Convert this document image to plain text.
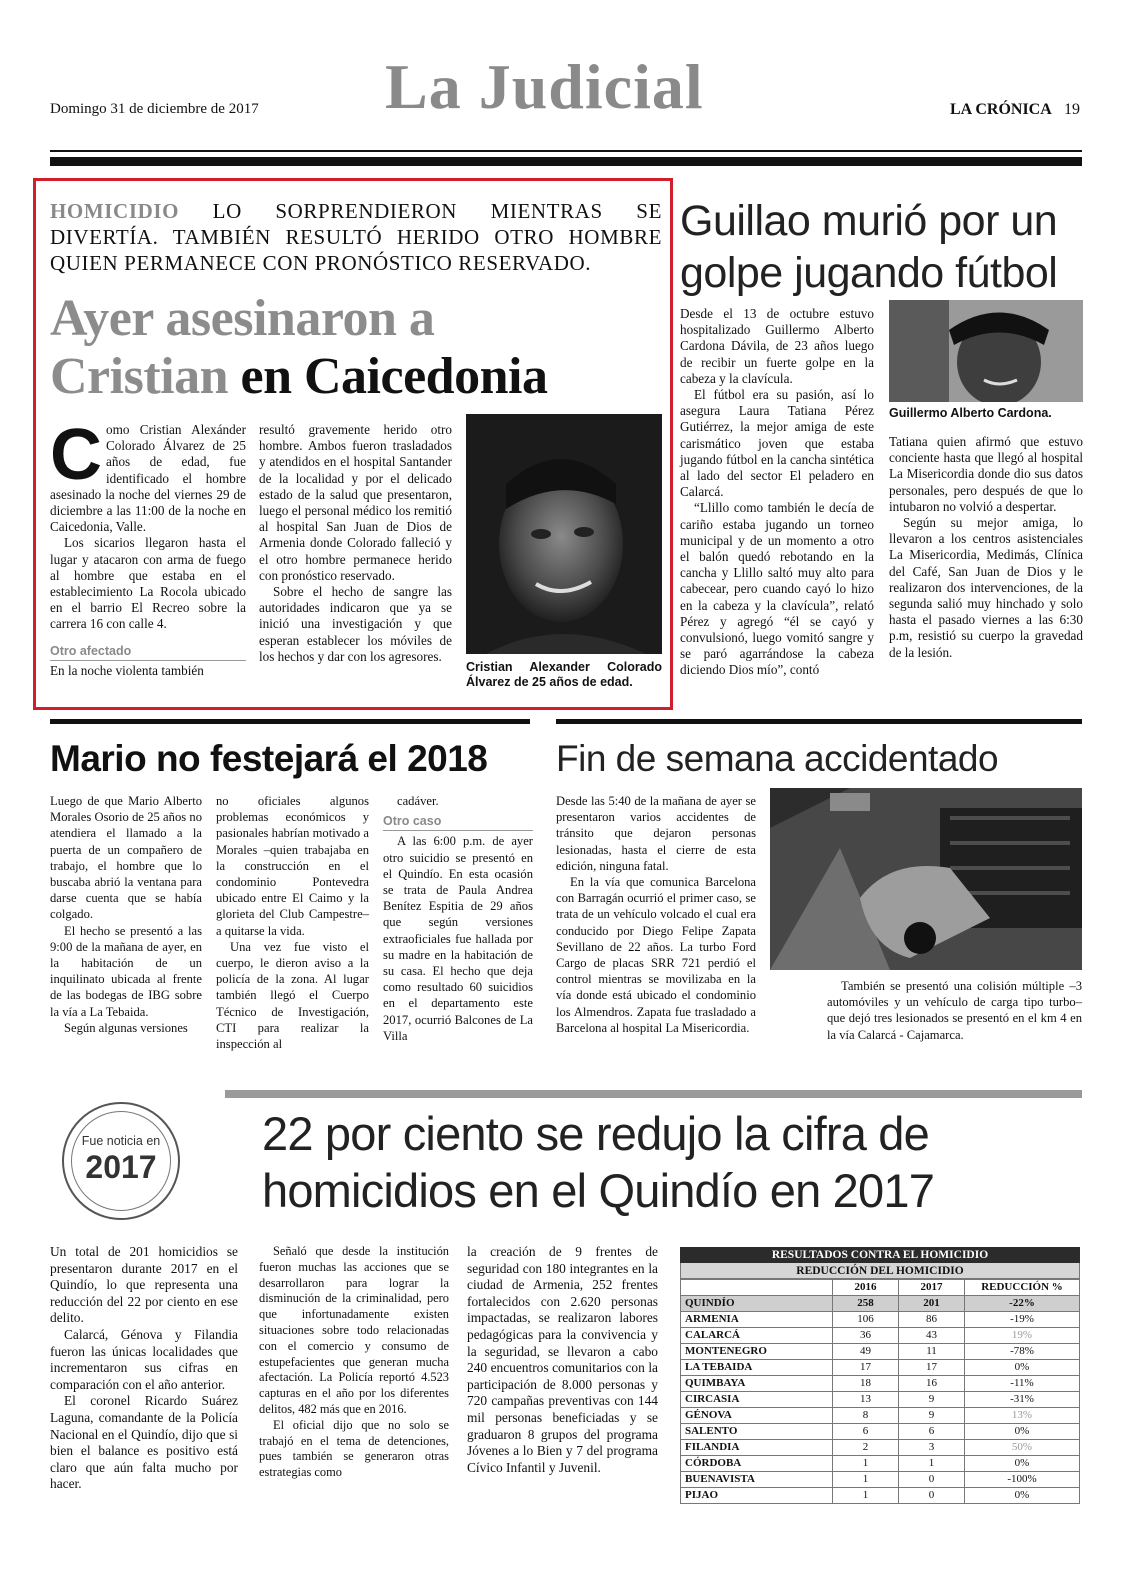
Domingo 31 de diciembre de 2017 La Judicial	LA CRÓNICA 19
HOMICIDIO LO SORPRENDIERON MIENTRAS SE DIVERTÍA. TAMBIÉN RESULTÓ HERIDO OTRO HOMBRE QUIEN PERMANECE CON PRONÓSTICO RESERVADO.
Ayer asesinaron a
Cristian en Caicedonia

C omo Cristian Alexánder Colorado Álvarez de 25 años de edad, fue identificado el hombre asesinado la noche del viernes 29 de diciembre a las 11:00 de la noche en Caicedonia, Valle.

Los sicarios llegaron hasta el lugar y atacaron con arma de fuego al hombre que estaba en el establecimiento La Rocola ubicado en el barrio El Recreo sobre la carrera 16 con calle 4.

Otro afectado

En la noche violenta también

resultó gravemente herido otro hombre. Ambos fueron trasladados y atendidos en el hospital Santander de la localidad y por el delicado estado de la salud que presentaron, luego el personal médico los remitió al hospital San Juan de Dios de Armenia donde Colorado falleció y el otro hombre permanece herido con pronóstico reservado.

Sobre el hecho de sangre las autoridades indicaron que ya se inició una investigación y que esperan establecer los móviles de los hechos y dar con los agresores.

Cristian Alexander Colorado Álvarez de 25 años de edad.
Guillao murió por un golpe jugando fútbol

Desde el 13 de octubre estuvo hospitalizado Guillermo Alberto Cardona Dávila, de 23 años luego de recibir un fuerte golpe en la cabeza y la clavícula.

El fútbol era su pasión, así lo asegura Laura Tatiana Pérez Gutiérrez, la mejor amiga de este carismático joven que estaba jugando fútbol en la cancha sintética al lado del sector El peladero en Calarcá.

“Llillo como también le decía de cariño estaba jugando un torneo municipal y de un momento a otro el balón quedó rebotando en la cancha y Llillo saltó muy alto para cabecear, pero cuando cayó lo hizo en la cabeza y la clavícula”, relató Pérez y agregó “él se cayó y convulsionó, luego vomitó sangre y se paró agarrándose la cabeza diciendo Dios mío”, contó

Guillermo Alberto Cardona.

Tatiana quien afirmó que estuvo conciente hasta que llegó al hospital La Misericordia donde dio sus datos personales, pero después de que lo intubaron no volvió a despertar.

Según su mejor amiga, lo llevaron a los centros asistenciales La Misericordia, Medimás, Clínica del Café, San Juan de Dios y le realizaron dos intervenciones, de la segunda salió muy hinchado y solo hasta el pasado viernes a las 6:30 p.m, resistió su cuerpo la gravedad de la lesión.

Mario no festejará el 2018

Luego de que Mario Alberto Morales Osorio de 25 años no atendiera el llamado a la puerta de un compañero de trabajo, el hombre que lo buscaba abrió la ventana para darse cuenta que se había colgado.

El hecho se presentó a las 9:00 de la mañana de ayer, en la habitación de un inquilinato ubicada al frente de las bodegas de IBG sobre la vía a La Tebaida.

Según algunas versiones

no oficiales algunos problemas económicos y pasionales habrían motivado a Morales –quien trabajaba en la construcción en el condominio Pontevedra ubicado entre El Caimo y la glorieta del Club Campestre– a quitarse la vida.

Una vez fue visto el cuerpo, le dieron aviso a la policía de la zona. Al lugar también llegó el Cuerpo Técnico de Investigación, CTI para realizar la inspección al

cadáver.

Otro caso

A las 6:00 p.m. de ayer otro suicidio se presentó en el Quindío. En esta ocasión se trata de Paula Andrea Benítez Espitia de 29 años que según versiones extraoficiales fue hallada por su madre en la habitación de su casa. El hecho que deja como resultado 60 suicidios en el departamento este 2017, ocurrió Balcones de La Villa

Fin de semana accidentado

Desde las 5:40 de la mañana de ayer se presentaron varios accidentes de tránsito que dejaron personas lesionadas, hasta el cierre de esta edición, ninguna fatal.

En la vía que comunica Barcelona con Barragán ocurrió el primer caso, se trata de un vehículo volcado el cual era conducido por Diego Felipe Zapata Sevillano de 22 años. La turbo Ford Cargo de placas SRR 721 perdió el control mientras se movilizaba en la vía donde está ubicado el condominio los Almendros. Zapata fue trasladado a Barcelona al hospital La Misericordia.

También se presentó una colisión múltiple –3 automóviles y un vehículo de carga tipo turbo– que dejó tres lesionados se presentó en el km 4 en la vía Calarcá - Cajamarca.

Fue noticia en
2017
22 por ciento se redujo la cifra de homicidios en el Quindío en 2017

Un total de 201 homicidios se presentaron durante 2017 en el Quindío, lo que representa una reducción del 22 por ciento en ese delito.

Calarcá, Génova y Filandia fueron las únicas localidades que incrementaron sus cifras en comparación con el año anterior.

El coronel Ricardo Suárez Laguna, comandante de la Policía Nacional en el Quindío, dijo que si bien el balance es positivo está claro que aún falta mucho por hacer.

Señaló que desde la institución fueron muchas las acciones que se desarrollaron para lograr la disminución de la criminalidad, pero que infortunadamente existen situaciones sobre todo relacionadas con el comercio y consumo de estupefacientes que generan mucha afectación. La Policía reportó 4.523 capturas en el año por los diferentes delitos, 482 más que en 2016.

El oficial dijo que no solo se trabajó en el tema de detenciones, pues también se generaron otras estrategias como

la creación de 9 frentes de seguridad con 180 integrantes en la ciudad de Armenia, 252 frentes fortalecidos con 2.620 personas impactadas, se realizaron labores pedagógicas para la convivencia y la seguridad, se llevaron a cabo 240 encuentros comunitarios con la participación de 8.000 personas y 720 campañas preventivas con 144 mil personas beneficiadas y se graduaron 8 grupos del programa Jóvenes a lo Bien y 7 del programa Cívico Infantil y Juvenil.

RESULTADOS CONTRA EL HOMICIDIO
REDUCCIÓN DEL HOMICIDIO
	2016	2017	REDUCCIÓN %
QUINDÍO	258	201	-22%
ARMENIA	106	86	-19%
CALARCÁ	36	43	19%
MONTENEGRO	49	11	-78%
LA TEBAIDA	17	17	0%
QUIMBAYA	18	16	-11%
CIRCASIA	13	9	-31%
GÉNOVA	8	9	13%
SALENTO	6	6	0%
FILANDIA	2	3	50%
CÓRDOBA	1	1	0%
BUENAVISTA	1	0	-100%
PIJAO	1	0	0%
